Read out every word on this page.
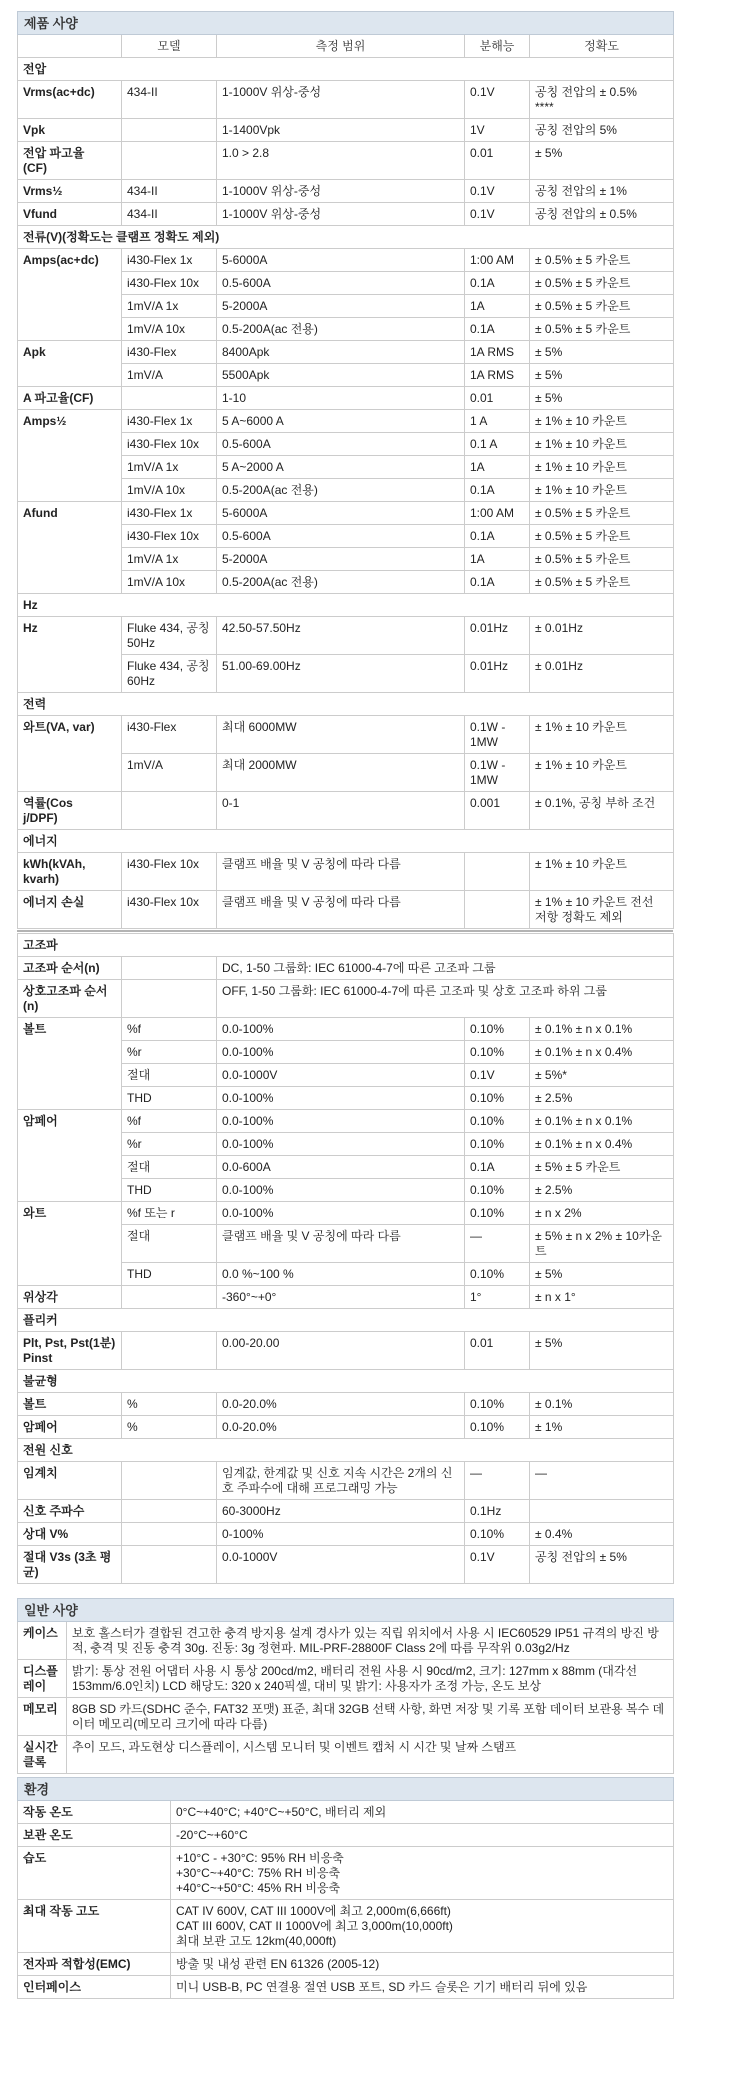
제품 사양				
	모델	측정 범위	분해능	정확도
전압				
Vrms(ac+dc)	434-II	1-1000V 위상-중성	0.1V	공칭 전압의 ± 0.5%
****
Vpk		1-1400Vpk	1V	공칭 전압의 5%
전압 파고율
(CF)		1.0 > 2.8	0.01	± 5%
Vrms½	434-II	1-1000V 위상-중성	0.1V	공칭 전압의 ± 1%
Vfund	434-II	1-1000V 위상-중성	0.1V	공칭 전압의 ± 0.5%
전류(V)(정확도는 클램프 정확도 제외)				
Amps(ac+dc)	i430-Flex 1x	5-6000A	1:00 AM	± 0.5% ± 5 카운트
	i430-Flex 10x	0.5-600A	0.1A	± 0.5% ± 5 카운트
	1mV/A 1x	5-2000A	1A	± 0.5% ± 5 카운트
	1mV/A 10x	0.5-200A(ac 전용)	0.1A	± 0.5% ± 5 카운트
Apk	i430-Flex	8400Apk	1A RMS	± 5%
	1mV/A	5500Apk	1A RMS	± 5%
A 파고율(CF)		1-10	0.01	± 5%
Amps½	i430-Flex 1x	5 A~6000 A	1 A	± 1% ± 10 카운트
	i430-Flex 10x	0.5-600A	0.1 A	± 1% ± 10 카운트
	1mV/A 1x	5 A~2000 A	1A	± 1% ± 10 카운트
	1mV/A 10x	0.5-200A(ac 전용)	0.1A	± 1% ± 10 카운트
Afund	i430-Flex 1x	5-6000A	1:00 AM	± 0.5% ± 5 카운트
	i430-Flex 10x	0.5-600A	0.1A	± 0.5% ± 5 카운트
	1mV/A 1x	5-2000A	1A	± 0.5% ± 5 카운트
	1mV/A 10x	0.5-200A(ac 전용)	0.1A	± 0.5% ± 5 카운트
Hz				
Hz	Fluke 434, 공칭 50Hz	42.50-57.50Hz	0.01Hz	± 0.01Hz
	Fluke 434, 공칭 60Hz	51.00-69.00Hz	0.01Hz	± 0.01Hz
전력				
와트(VA, var)	i430-Flex	최대 6000MW	0.1W - 1MW	± 1% ± 10 카운트
	1mV/A	최대 2000MW	0.1W - 1MW	± 1% ± 10 카운트
역률(Cos
j/DPF)		0-1	0.001	± 0.1%, 공칭 부하 조건
에너지				
kWh(kVAh, kvarh)	i430-Flex 10x	클램프 배율 및 V 공칭에 따라 다름		± 1% ± 10 카운트
에너지 손실	i430-Flex 10x	클램프 배율 및 V 공칭에 따라 다름		± 1% ± 10 카운트 전선 저항 정확도 제외
고조파				
고조파 순서(n)		DC, 1-50 그룹화: IEC 61000-4-7에 따른 고조파 그룹		
상호고조파 순서(n)		OFF, 1-50 그룹화: IEC 61000-4-7에 따른 고조파 및 상호 고조파 하위 그룹		
볼트	%f	0.0-100%	0.10%	± 0.1% ± n x 0.1%
	%r	0.0-100%	0.10%	± 0.1% ± n x 0.4%
	절대	0.0-1000V	0.1V	± 5%*
	THD	0.0-100%	0.10%	± 2.5%
암페어	%f	0.0-100%	0.10%	± 0.1% ± n x 0.1%
	%r	0.0-100%	0.10%	± 0.1% ± n x 0.4%
	절대	0.0-600A	0.1A	± 5% ± 5 카운트
	THD	0.0-100%	0.10%	± 2.5%
와트	%f 또는 r	0.0-100%	0.10%	± n x 2%
	절대	클램프 배율 및 V 공칭에 따라 다름	—	± 5% ± n x 2% ± 10카운트
	THD	0.0 %~100 %	0.10%	± 5%
위상각		-360°~+0°	1°	± n x 1°
플리커				
Plt, Pst, Pst(1분) Pinst		0.00-20.00	0.01	± 5%
불균형				
볼트	%	0.0-20.0%	0.10%	± 0.1%
암페어	%	0.0-20.0%	0.10%	± 1%
전원 신호				
임계치		임계값, 한계값 및 신호 지속 시간은 2개의 신호 주파수에 대해 프로그래밍 가능	—	—
신호 주파수		60-3000Hz	0.1Hz	
상대 V%		0-100%	0.10%	± 0.4%
절대 V3s (3초 평균)		0.0-1000V	0.1V	공칭 전압의 ± 5%
일반 사양	
케이스	보호 홀스터가 결합된 견고한 충격 방지용 설계 경사가 있는 직립 위치에서 사용 시 IEC60529 IP51 규격의 방진 방적, 충격 및 진동 충격 30g. 진동: 3g 정현파. MIL-PRF-28800F Class 2에 따름 무작위 0.03g2/Hz
디스플레이	밝기: 통상 전원 어댑터 사용 시 통상 200cd/m2, 배터리 전원 사용 시 90cd/m2, 크기: 127mm x 88mm (대각선 153mm/6.0인치) LCD 해당도: 320 x 240픽셀, 대비 및 밝기: 사용자가 조정 가능, 온도 보상
메모리	8GB SD 카드(SDHC 준수, FAT32 포맷) 표준, 최대 32GB 선택 사항, 화면 저장 및 기록 포함 데이터 보관용 복수 데이터 메모리(메모리 크기에 따라 다름)
실시간 클록	추이 모드, 과도현상 디스플레이, 시스템 모니터 및 이벤트 캡처 시 시간 및 날짜 스탬프
환경	
작동 온도	0°C~+40°C; +40°C~+50°C, 배터리 제외
보관 온도	-20°C~+60°C
습도	+10°C - +30°C: 95% RH 비응축
+30°C~+40°C: 75% RH 비응축
+40°C~+50°C: 45% RH 비응축
최대 작동 고도	CAT IV 600V, CAT III 1000V에 최고 2,000m(6,666ft)
CAT III 600V, CAT II 1000V에 최고 3,000m(10,000ft)
최대 보관 고도 12km(40,000ft)
전자파 적합성(EMC)	방출 및 내성 관련 EN 61326 (2005-12)
인터페이스	미니 USB-B, PC 연결용 절연 USB 포트, SD 카드 슬롯은 기기 배터리 뒤에 있음
